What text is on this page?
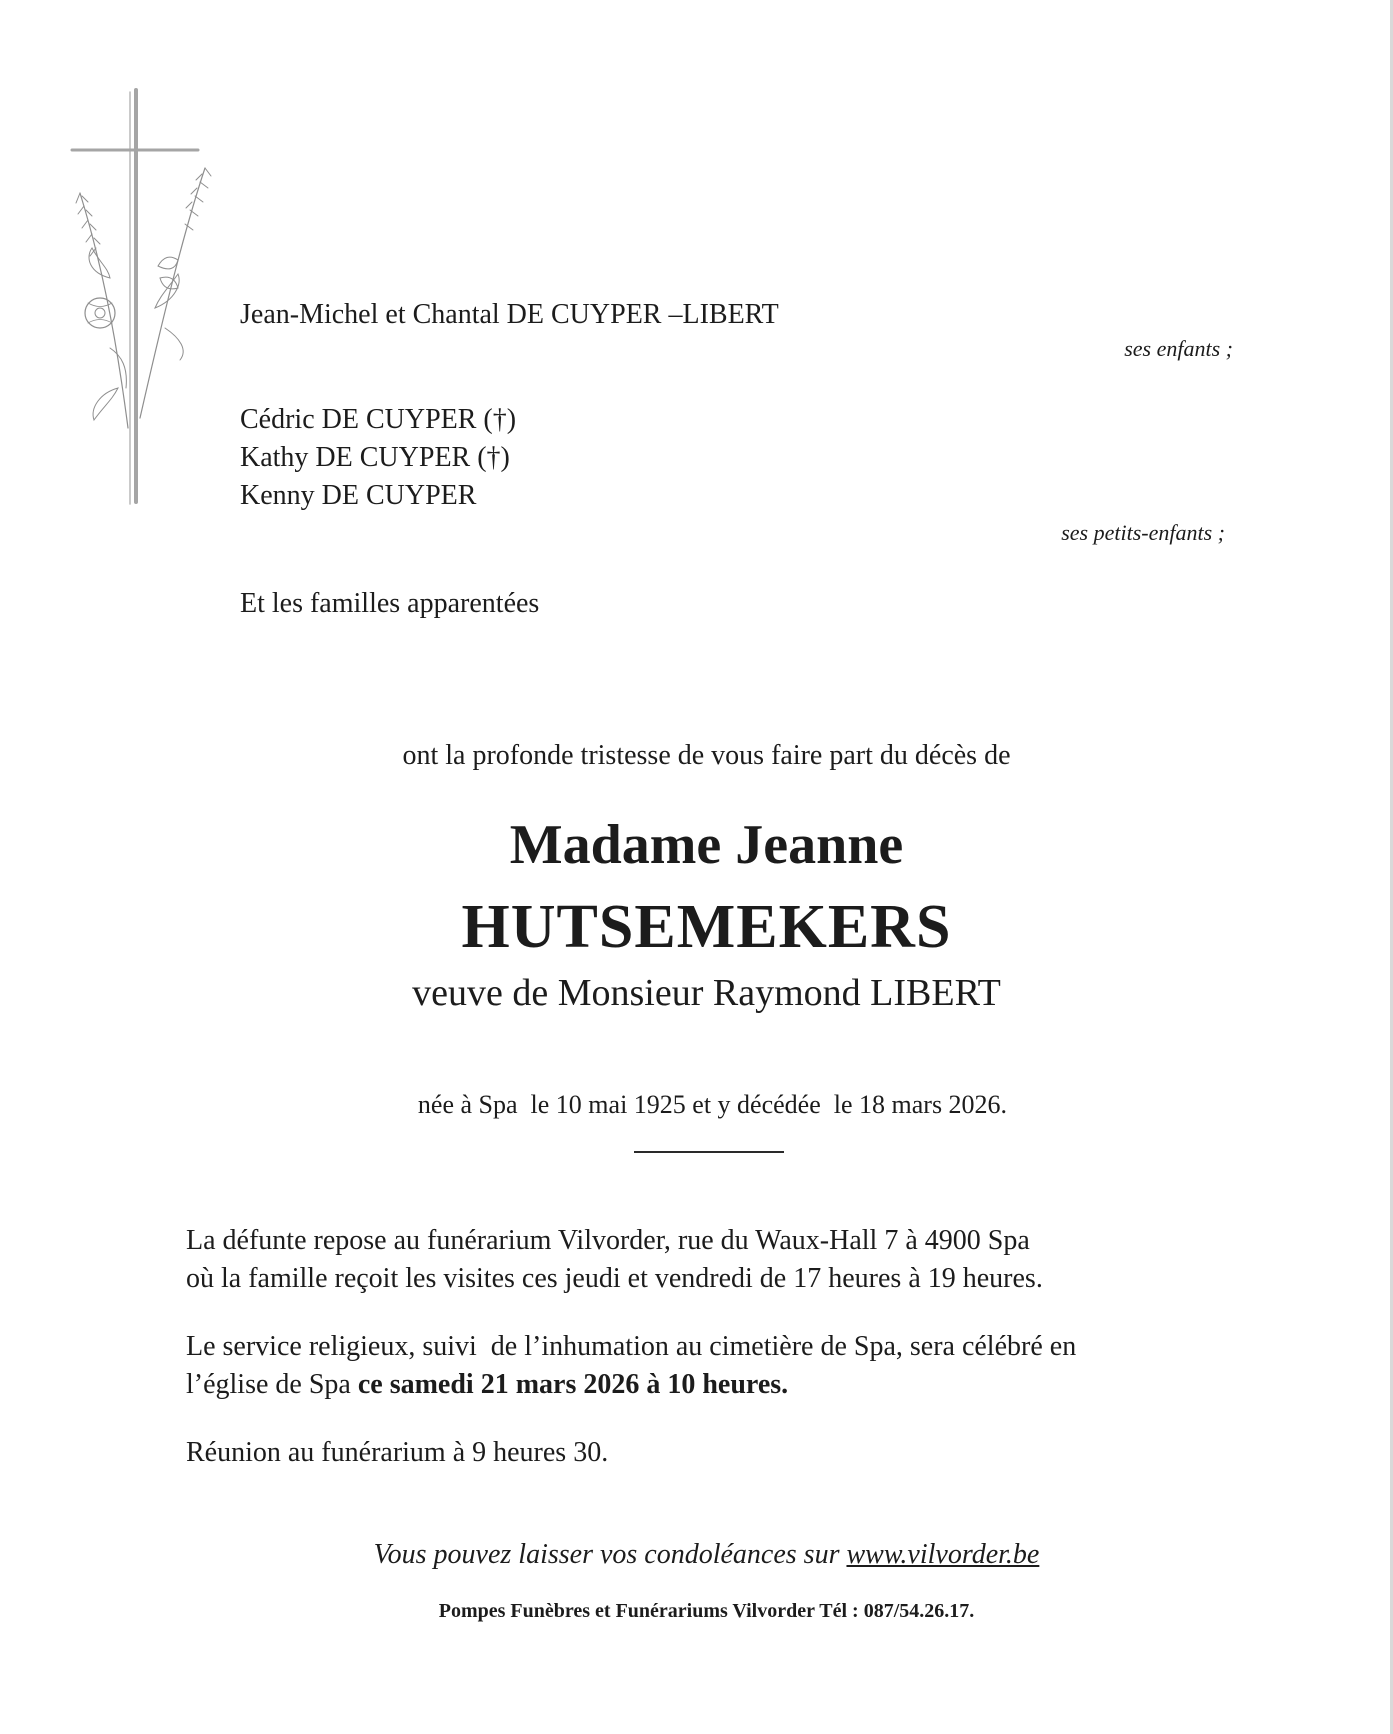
Jean-Michel et Chantal DE CUYPER –LIBERT
ses enfants ;
Cédric DE CUYPER (†)
Kathy DE CUYPER (†)
Kenny DE CUYPER
ses petits-enfants ;
Et les familles apparentées
ont la profonde tristesse de vous faire part du décès de
Madame Jeanne
HUTSEMEKERS
veuve de Monsieur Raymond LIBERT
née à Spa  le 10 mai 1925 et y décédée  le 18 mars 2026.
La défunte repose au funérarium Vilvorder, rue du Waux-Hall 7 à 4900 Spa
où la famille reçoit les visites ces jeudi et vendredi de 17 heures à 19 heures.
Le service religieux, suivi  de l’inhumation au cimetière de Spa, sera célébré en
l’église de Spa ce samedi 21 mars 2026 à 10 heures.
Réunion au funérarium à 9 heures 30.
Vous pouvez laisser vos condoléances sur www.vilvorder.be
Pompes Funèbres et Funérariums Vilvorder Tél : 087/54.26.17.
